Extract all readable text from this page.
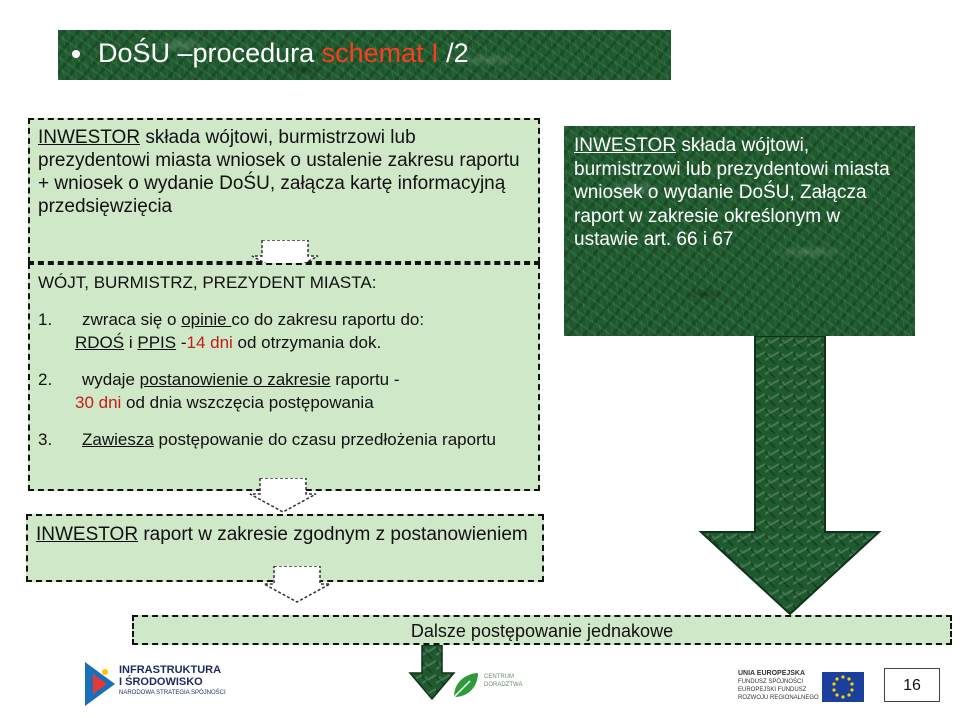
DoŚU –procedura schemat I /2
INWESTOR składa wójtowi, burmistrzowi lub prezydentowi miasta wniosek o ustalenie zakresu raportu + wniosek o wydanie DoŚU, załącza kartę informacyjną przedsięwzięcia
WÓJT, BURMISTRZ, PREZYDENT MIASTA:
1. zwraca się o opinie co do zakresu raportu do:
RDOŚ i PPIS -14 dni od otrzymania dok.
2. wydaje postanowienie o zakresie raportu -
30 dni od dnia wszczęcia postępowania
3. Zawiesza postępowanie do czasu przedłożenia raportu
INWESTOR raport w zakresie zgodnym z postanowieniem
INWESTOR składa wójtowi, burmistrzowi lub prezydentowi miasta wniosek o wydanie DoŚU, Załącza raport w zakresie określonym w ustawie art. 66 i 67
Dalsze postępowanie jednakowe
INFRASTRUKTURA
I ŚRODOWISKO
NARODOWA STRATEGIA SPÓJNOŚCI
CENTRUM
DORADZTWA
UNIA EUROPEJSKA
FUNDUSZ SPÓJNOŚCI
EUROPEJSKI FUNDUSZ
ROZWOJU REGIONALNEGO
16
